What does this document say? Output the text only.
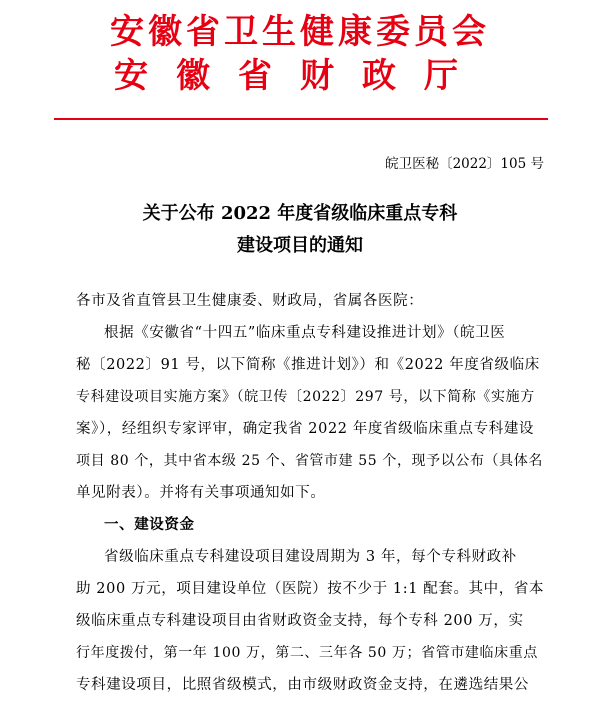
安徽省卫生健康委员会
安徽省财政厅
皖卫医秘〔2022〕105 号
关于公布 2022 年度省级临床重点专科
建设项目的通知
各市及省直管县卫生健康委、财政局，省属各医院：
根据《安徽省“十四五”临床重点专科建设推进计划》（皖卫医
秘〔2022〕91 号，以下简称《推进计划》）和《2022 年度省级临床
专科建设项目实施方案》（皖卫传〔2022〕297 号，以下简称《实施方
案》），经组织专家评审，确定我省 2022 年度省级临床重点专科建设
项目 80 个，其中省本级 25 个、省管市建 55 个，现予以公布（具体名
单见附表）。并将有关事项通知如下。
一、建设资金
省级临床重点专科建设项目建设周期为 3 年，每个专科财政补
助 200 万元，项目建设单位（医院）按不少于 1:1 配套。其中，省本
级临床重点专科建设项目由省财政资金支持，每个专科 200 万，实
行年度拨付，第一年 100 万，第二、三年各 50 万；省管市建临床重点
专科建设项目，比照省级模式，由市级财政资金支持，在遴选结果公
